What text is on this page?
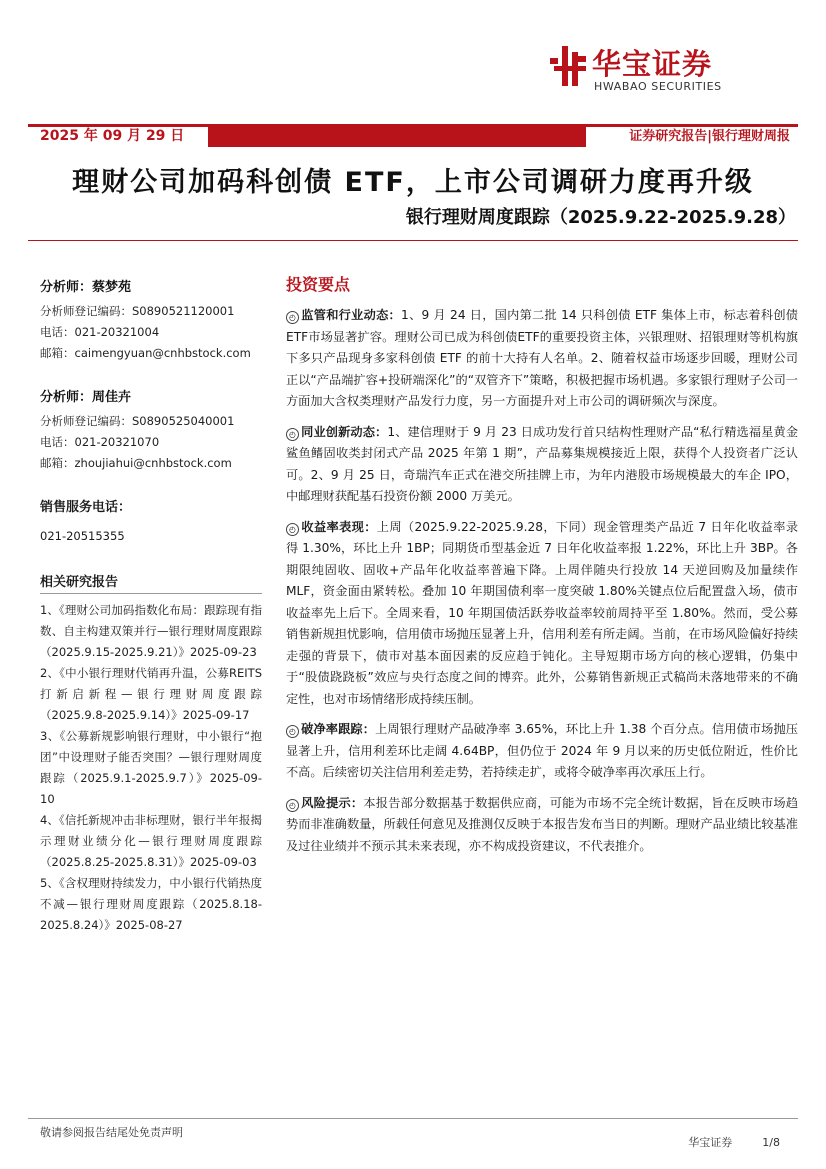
华宝证券
HWABAO SECURITIES
2025 年 09 月 29 日	证券研究报告|银行理财周报
理财公司加码科创债 ETF，上市公司调研力度再升级
银行理财周度跟踪（2025.9.22-2025.9.28）
分析师：蔡梦苑
分析师登记编码：S0890521120001
电话：021-20321004
邮箱：caimengyuan@cnhbstock.com
分析师：周佳卉
分析师登记编码：S0890525040001
电话：021-20321070
邮箱：zhoujiahui@cnhbstock.com
销售服务电话：
021-20515355
相关研究报告
1、《理财公司加码指数化布局：跟踪现有指数、自主构建双策并行—银行理财周度跟踪（2025.9.15-2025.9.21）》2025-09-23
2、《中小银行理财代销再升温，公募REITS 打新启新程—银行理财周度跟踪（2025.9.8-2025.9.14）》2025-09-17
3、《公募新规影响银行理财，中小银行“抱团”中设理财子能否突围？—银行理财周度跟踪（2025.9.1-2025.9.7）》2025-09-10
4、《信托新规冲击非标理财，银行半年报揭示理财业绩分化—银行理财周度跟踪（2025.8.25-2025.8.31）》2025-09-03
5、《含权理财持续发力，中小银行代销热度不减—银行理财周度跟踪（2025.8.18-2025.8.24）》2025-08-27
投资要点
◴ 监管和行业动态：1、9 月 24 日，国内第二批 14 只科创债 ETF 集体上市，标志着科创债ETF市场显著扩容。理财公司已成为科创债ETF的重要投资主体，兴银理财、招银理财等机构旗下多只产品现身多家科创债 ETF 的前十大持有人名单。2、随着权益市场逐步回暖，理财公司正以“产品端扩容+投研端深化”的“双管齐下”策略，积极把握市场机遇。多家银行理财子公司一方面加大含权类理财产品发行力度，另一方面提升对上市公司的调研频次与深度。
◴ 同业创新动态：1、建信理财于 9 月 23 日成功发行首只结构性理财产品“私行精选福星黄金鲨鱼鳍固收类封闭式产品 2025 年第 1 期”，产品募集规模接近上限，获得个人投资者广泛认可。2、9 月 25 日，奇瑞汽车正式在港交所挂牌上市，为年内港股市场规模最大的车企 IPO，中邮理财获配基石投资份额 2000 万美元。
◴ 收益率表现：上周（2025.9.22-2025.9.28，下同）现金管理类产品近 7 日年化收益率录得 1.30%，环比上升 1BP；同期货币型基金近 7 日年化收益率报 1.22%，环比上升 3BP。各期限纯固收、固收+产品年化收益率普遍下降。上周伴随央行投放 14 天逆回购及加量续作 MLF，资金面由紧转松。叠加 10 年期国债利率一度突破 1.80%关键点位后配置盘入场，债市收益率先上后下。全周来看，10 年期国债活跃券收益率较前周持平至 1.80%。然而，受公募销售新规担忧影响，信用债市场抛压显著上升，信用利差有所走阔。当前，在市场风险偏好持续走强的背景下，债市对基本面因素的反应趋于钝化。主导短期市场方向的核心逻辑，仍集中于“股债跷跷板”效应与央行态度之间的博弈。此外，公募销售新规正式稿尚未落地带来的不确定性，也对市场情绪形成持续压制。
◴ 破净率跟踪：上周银行理财产品破净率 3.65%，环比上升 1.38 个百分点。信用债市场抛压显著上升，信用利差环比走阔 4.64BP，但仍位于 2024 年 9 月以来的历史低位附近，性价比不高。后续密切关注信用利差走势，若持续走扩，或将令破净率再次承压上行。
◴ 风险提示：本报告部分数据基于数据供应商，可能为市场不完全统计数据，旨在反映市场趋势而非准确数量，所载任何意见及推测仅反映于本报告发布当日的判断。理财产品业绩比较基准及过往业绩并不预示其未来表现，亦不构成投资建议，不代表推介。
敬请参阅报告结尾处免责声明
华宝证券	1/8
